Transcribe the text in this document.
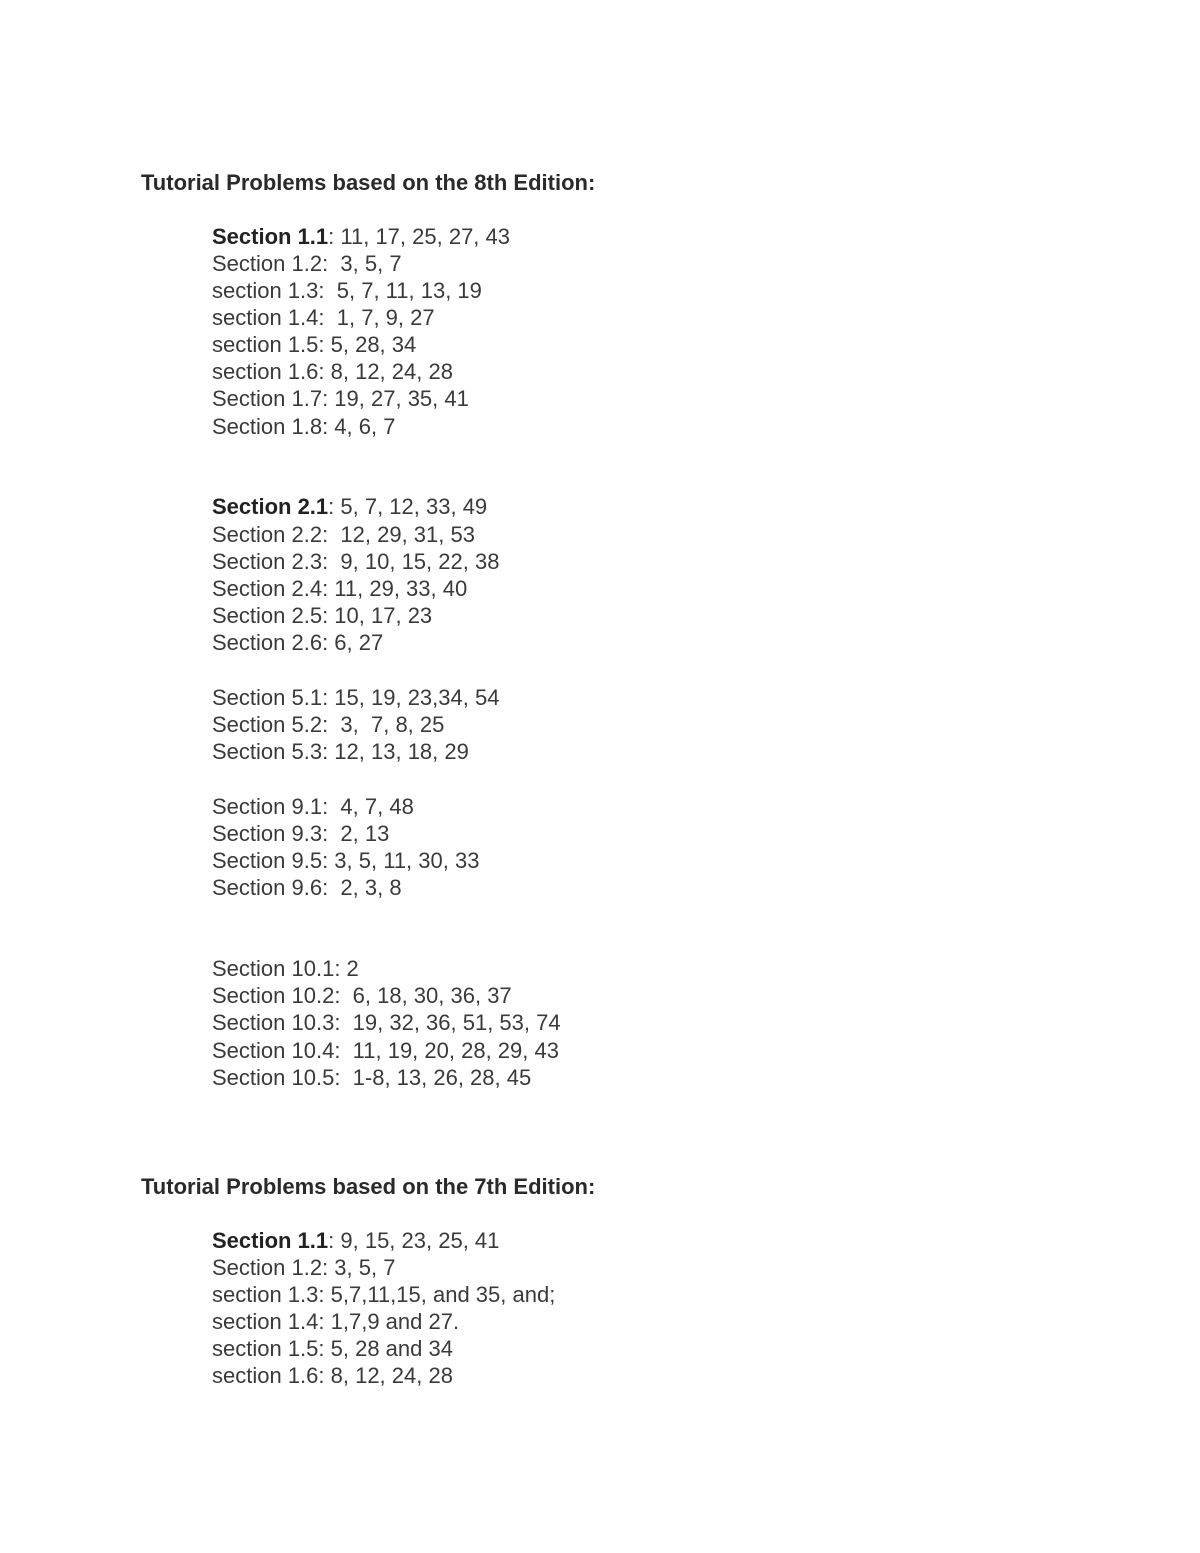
Tutorial Problems based on the 8th Edition:
Section 1.1: 11, 17, 25, 27, 43
Section 1.2:  3, 5, 7
section 1.3:  5, 7, 11, 13, 19
section 1.4:  1, 7, 9, 27
section 1.5: 5, 28, 34
section 1.6: 8, 12, 24, 28
Section 1.7: 19, 27, 35, 41
Section 1.8: 4, 6, 7
Section 2.1: 5, 7, 12, 33, 49
Section 2.2:  12, 29, 31, 53
Section 2.3:  9, 10, 15, 22, 38
Section 2.4: 11, 29, 33, 40
Section 2.5: 10, 17, 23
Section 2.6: 6, 27
Section 5.1: 15, 19, 23,34, 54
Section 5.2:  3,  7, 8, 25
Section 5.3: 12, 13, 18, 29
Section 9.1:  4, 7, 48
Section 9.3:  2, 13
Section 9.5: 3, 5, 11, 30, 33
Section 9.6:  2, 3, 8
Section 10.1: 2
Section 10.2:  6, 18, 30, 36, 37
Section 10.3:  19, 32, 36, 51, 53, 74
Section 10.4:  11, 19, 20, 28, 29, 43
Section 10.5:  1-8, 13, 26, 28, 45
Tutorial Problems based on the 7th Edition:
Section 1.1: 9, 15, 23, 25, 41
Section 1.2: 3, 5, 7
section 1.3: 5,7,11,15, and 35, and;
section 1.4: 1,7,9 and 27.
section 1.5: 5, 28 and 34
section 1.6: 8, 12, 24, 28
